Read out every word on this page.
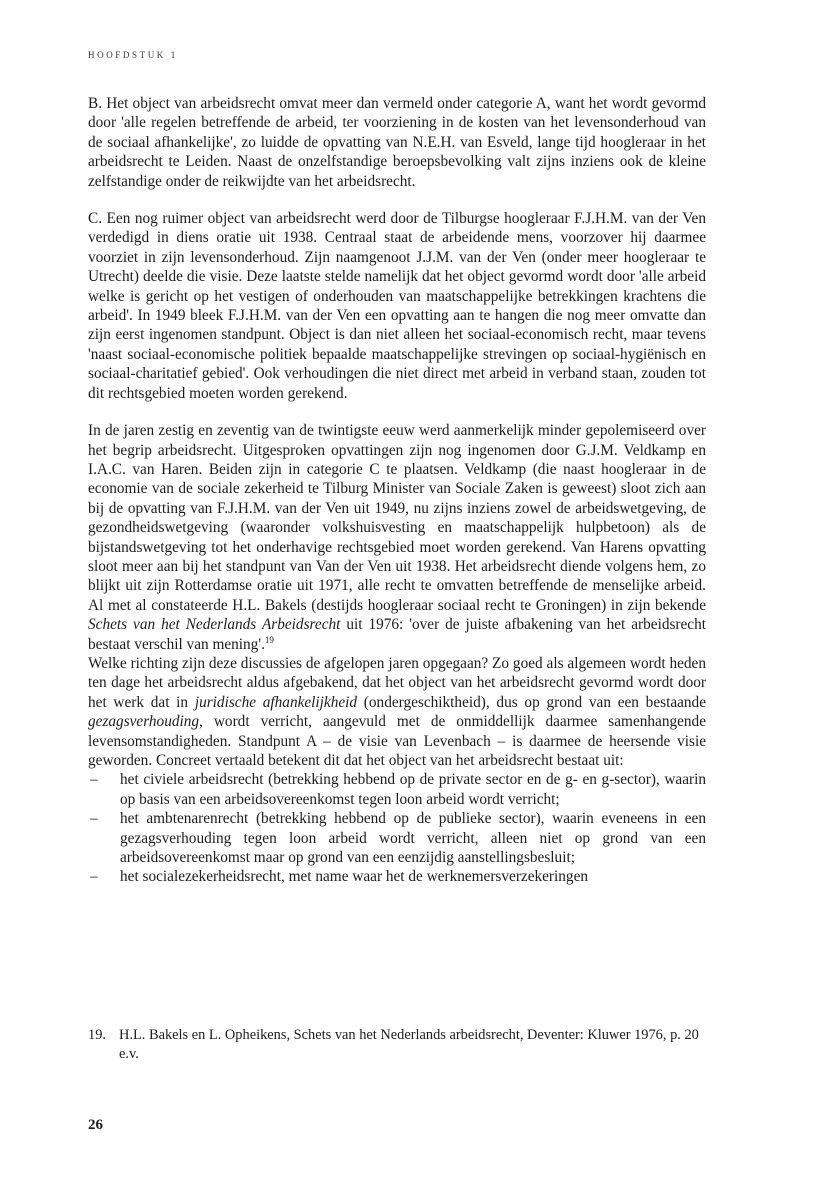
HOOFDSTUK 1

B. Het object van arbeidsrecht omvat meer dan vermeld onder categorie A, want het wordt gevormd door 'alle regelen betreffende de arbeid, ter voorziening in de kosten van het levensonderhoud van de sociaal afhankelijke', zo luidde de opvatting van N.E.H. van Esveld, lange tijd hoogleraar in het arbeidsrecht te Leiden. Naast de onzelfstandige beroepsbevolking valt zijns inziens ook de kleine zelfstandige onder de reikwijdte van het arbeidsrecht.

C. Een nog ruimer object van arbeidsrecht werd door de Tilburgse hoogleraar F.J.H.M. van der Ven verdedigd in diens oratie uit 1938. Centraal staat de arbeidende mens, voorzover hij daarmee voorziet in zijn levensonderhoud. Zijn naamgenoot J.J.M. van der Ven (onder meer hoogleraar te Utrecht) deelde die visie. Deze laatste stelde namelijk dat het object gevormd wordt door 'alle arbeid welke is gericht op het vestigen of onderhouden van maatschappelijke betrekkingen krachtens die arbeid'. In 1949 bleek F.J.H.M. van der Ven een opvatting aan te hangen die nog meer omvatte dan zijn eerst ingenomen standpunt. Object is dan niet alleen het sociaal-economisch recht, maar tevens 'naast sociaal-economische politiek bepaalde maatschappelijke strevingen op sociaal-hygiënisch en sociaal-charitatief gebied'. Ook verhoudingen die niet direct met arbeid in verband staan, zouden tot dit rechtsgebied moeten worden gerekend.

In de jaren zestig en zeventig van de twintigste eeuw werd aanmerkelijk minder gepolemiseerd over het begrip arbeidsrecht. Uitgesproken opvattingen zijn nog ingenomen door G.J.M. Veldkamp en I.A.C. van Haren. Beiden zijn in categorie C te plaatsen. Veldkamp (die naast hoogleraar in de economie van de sociale zekerheid te Tilburg Minister van Sociale Zaken is geweest) sloot zich aan bij de opvatting van F.J.H.M. van der Ven uit 1949, nu zijns inziens zowel de arbeidswetgeving, de gezondheidswetgeving (waaronder volkshuisvesting en maatschappelijk hulpbetoon) als de bijstandswetgeving tot het onderhavige rechtsgebied moet worden gerekend. Van Harens opvatting sloot meer aan bij het standpunt van Van der Ven uit 1938. Het arbeidsrecht diende volgens hem, zo blijkt uit zijn Rotterdamse oratie uit 1971, alle recht te omvatten betreffende de menselijke arbeid. Al met al constateerde H.L. Bakels (destijds hoogleraar sociaal recht te Groningen) in zijn bekende Schets van het Nederlands Arbeidsrecht uit 1976: 'over de juiste afbakening van het arbeidsrecht bestaat verschil van mening'.$^{19}$

Welke richting zijn deze discussies de afgelopen jaren opgegaan? Zo goed als algemeen wordt heden ten dage het arbeidsrecht aldus afgebakend, dat het object van het arbeidsrecht gevormd wordt door het werk dat in juridische afhankelijkheid (ondergeschiktheid), dus op grond van een bestaande gezagsverhouding, wordt verricht, aangevuld met de onmiddellijk daarmee samenhangende levensomstandigheden. Standpunt A – de visie van Levenbach – is daarmee de heersende visie geworden. Concreet vertaald betekent dit dat het object van het arbeidsrecht bestaat uit:

– het civiele arbeidsrecht (betrekking hebbend op de private sector en de g- en g-sector), waarin op basis van een arbeidsovereenkomst tegen loon arbeid wordt verricht;
– het ambtenarenrecht (betrekking hebbend op de publieke sector), waarin eveneens in een gezagsverhouding tegen loon arbeid wordt verricht, alleen niet op grond van een arbeidsovereenkomst maar op grond van een eenzijdig aanstellingsbesluit;
– het socialezekerheidsrecht, met name waar het de werknemersverzekeringen
19. H.L. Bakels en L. Opheikens, Schets van het Nederlands arbeidsrecht, Deventer: Kluwer 1976, p. 20 e.v.
26
